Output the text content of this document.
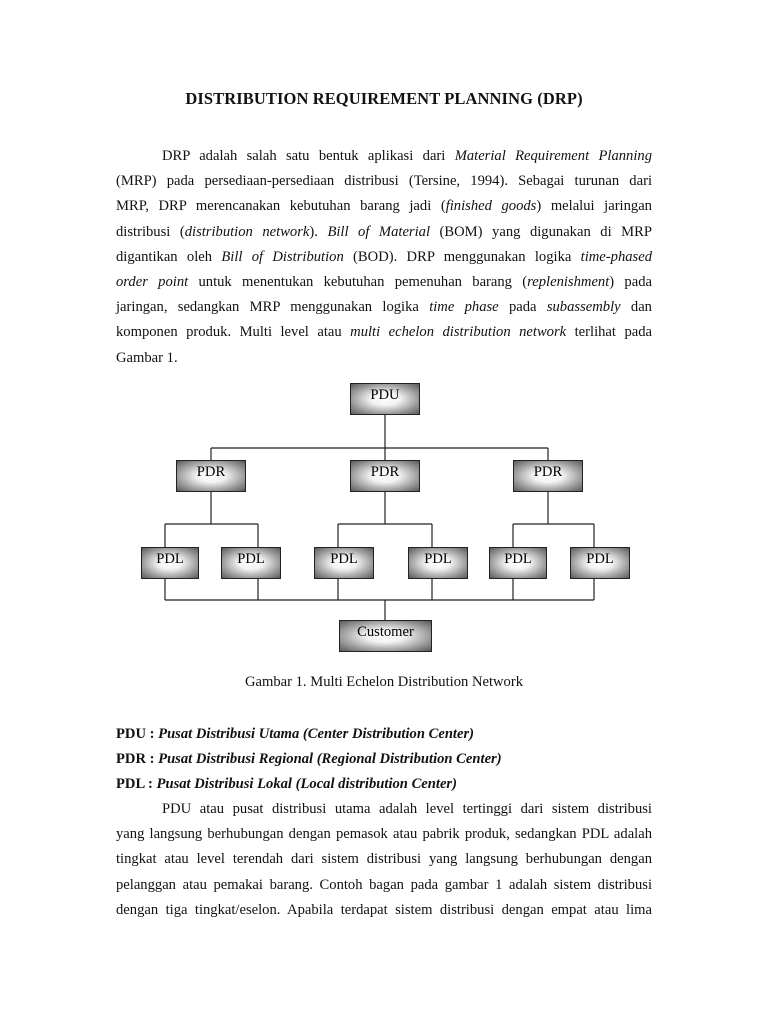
DISTRIBUTION REQUIREMENT PLANNING (DRP)
DRP adalah salah satu bentuk aplikasi dari Material Requirement Planning
(MRP) pada persediaan-persediaan distribusi (Tersine, 1994). Sebagai turunan dari
MRP, DRP merencanakan kebutuhan barang jadi (finished goods) melalui jaringan
distribusi (distribution network). Bill of Material (BOM) yang digunakan di MRP
digantikan oleh Bill of Distribution (BOD). DRP menggunakan logika time-phased
order point untuk menentukan kebutuhan pemenuhan barang (replenishment) pada
jaringan, sedangkan MRP menggunakan logika time phase pada subassembly dan
komponen produk. Multi level atau multi echelon distribution network terlihat pada
Gambar 1.
PDU
PDR	PDR	PDR
PDL	PDL	PDL	PDL	PDL	PDL
Customer
Gambar 1. Multi Echelon Distribution Network
PDU : Pusat Distribusi Utama (Center Distribution Center)
PDR : Pusat Distribusi Regional (Regional Distribution Center)
PDL : Pusat Distribusi Lokal (Local distribution Center)
PDU atau pusat distribusi utama adalah level tertinggi dari sistem distribusi
yang langsung berhubungan dengan pemasok atau pabrik produk, sedangkan PDL adalah
tingkat atau level terendah dari sistem distribusi yang langsung berhubungan dengan
pelanggan atau pemakai barang. Contoh bagan pada gambar 1 adalah sistem distribusi
dengan tiga tingkat/eselon. Apabila terdapat sistem distribusi dengan empat atau lima
